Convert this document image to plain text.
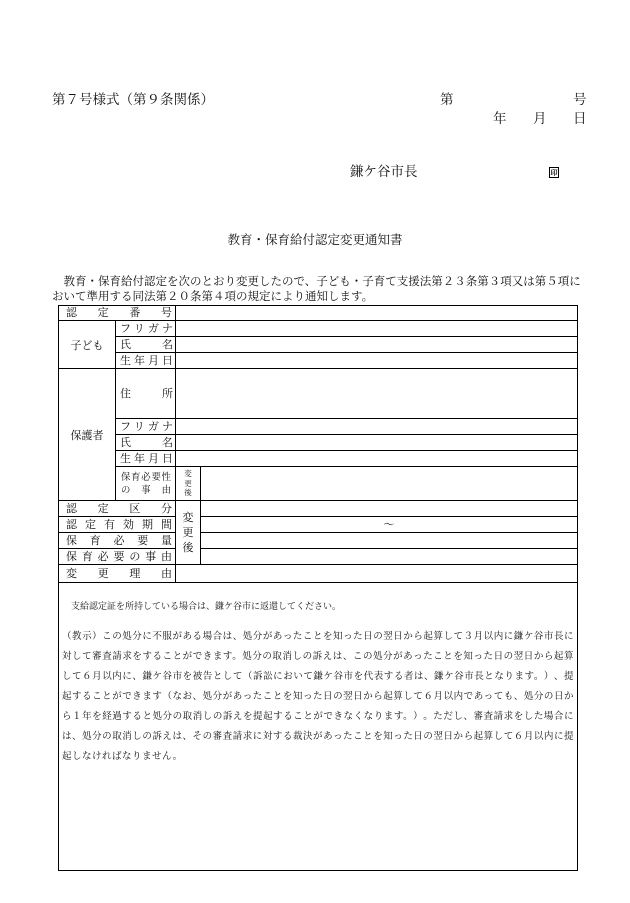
第７号様式（第９条関係）	第	号
年 月 日
鎌ケ谷市長	印
教育・保育給付認定変更通知書
　教育・保育給付認定を次のとおり変更したので、子ども・子育て支援法第２３条第３項又は第５項において準用する同法第２０条第４項の規定により通知します。
認定番号
子ども
フリガナ
氏名
生年月日
保護者
住所
フリガナ
氏名
生年月日
保育必要性の事由
変更後
認定区分
変更後
認定有効期間	～
保育必要量
保育必要の事由
変更理由
　支給認定証を所持している場合は、鎌ケ谷市に返還してください。
（教示）この処分に不服がある場合は、処分があったことを知った日の翌日から起算して３月以内に鎌ケ谷市長に対して審査請求をすることができます。処分の取消しの訴えは、この処分があったことを知った日の翌日から起算して６月以内に、鎌ケ谷市を被告として（訴訟において鎌ケ谷市を代表する者は、鎌ケ谷市長となります。）、提起することができます（なお、処分があったことを知った日の翌日から起算して６月以内であっても、処分の日から１年を経過すると処分の取消しの訴えを提起することができなくなります。）。ただし、審査請求をした場合には、処分の取消しの訴えは、その審査請求に対する裁決があったことを知った日の翌日から起算して６月以内に提起しなければなりません。
